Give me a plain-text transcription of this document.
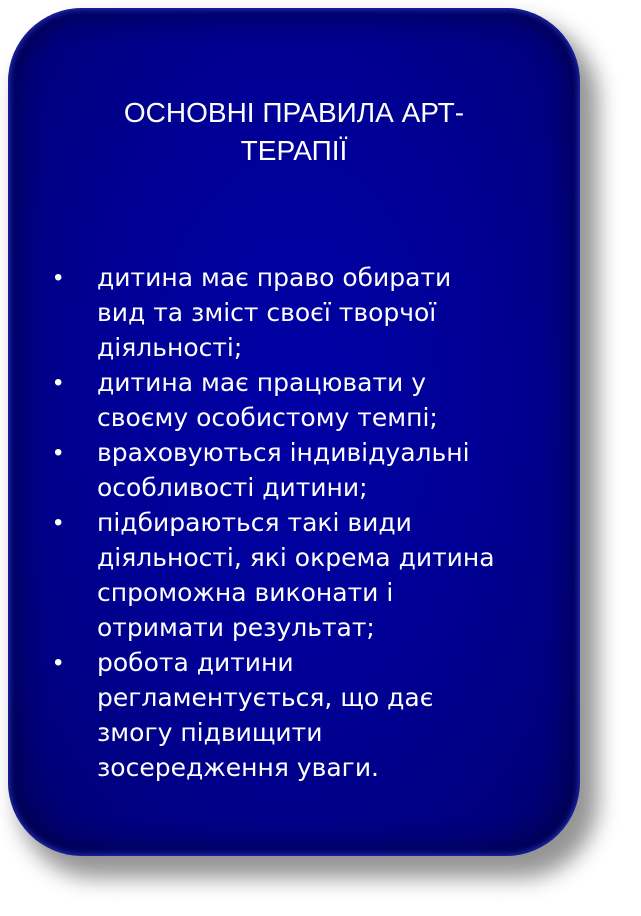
ОСНОВНІ ПРАВИЛА АРТ-
ТЕРАПІЇ
• дитина має право обирати
вид та зміст своєї творчої
діяльності;
• дитина має працювати у
своєму особистому темпі;
• враховуються індивідуальні
особливості дитини;
• підбираються такі види
діяльності, які окрема дитина
спроможна виконати і
отримати результат;
• робота дитини
регламентується, що дає
змогу підвищити
зосередження уваги.
